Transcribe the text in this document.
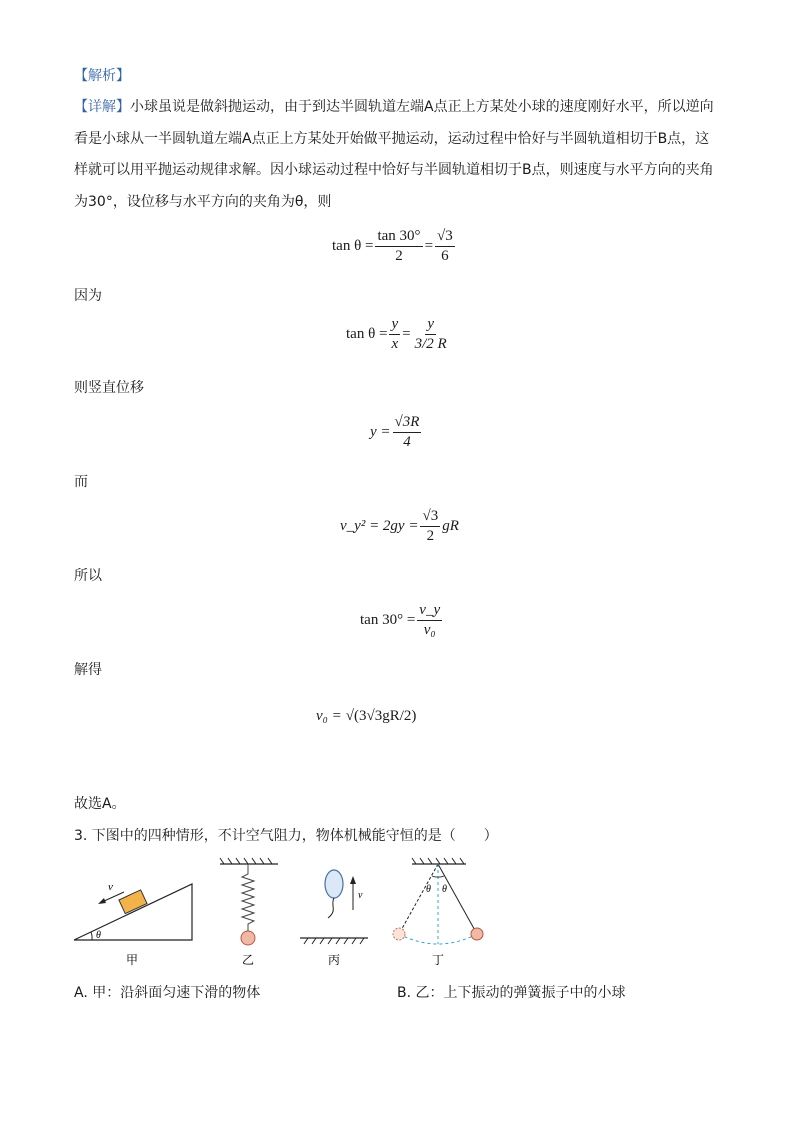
【解析】
【详解】小球虽说是做斜抛运动，由于到达半圆轨道左端A点正上方某处小球的速度刚好水平，所以逆向
看是小球从一半圆轨道左端A点正上方某处开始做平抛运动，运动过程中恰好与半圆轨道相切于B点，这
样就可以用平抛运动规律求解。因小球运动过程中恰好与半圆轨道相切于B点，则速度与水平方向的夹角
为30°，设位移与水平方向的夹角为θ，则
$\tan \theta = \frac{\tan 30^\circ}{2} = \frac{√3}{6}$
因为
$\tan \theta = \frac{y}{x} = \frac{y}{3/2 R}$
则竖直位移
$y = \frac{√3R}{4}$
而
v_y² = $2gy = \frac{√3}{2}$ gR
所以
$\tan 30^\circ = \frac{v\_y}{\text{v₀}}$
解得
v₀ = √(3√3gR/2)
故选A。
3. 下图中的四种情形，不计空气阻力，物体机械能守恒的是（　　）
v
θ
甲	乙
v
丙
θ θ
丁
A. 甲：沿斜面匀速下滑的物体	B. 乙：上下振动的弹簧振子中的小球
